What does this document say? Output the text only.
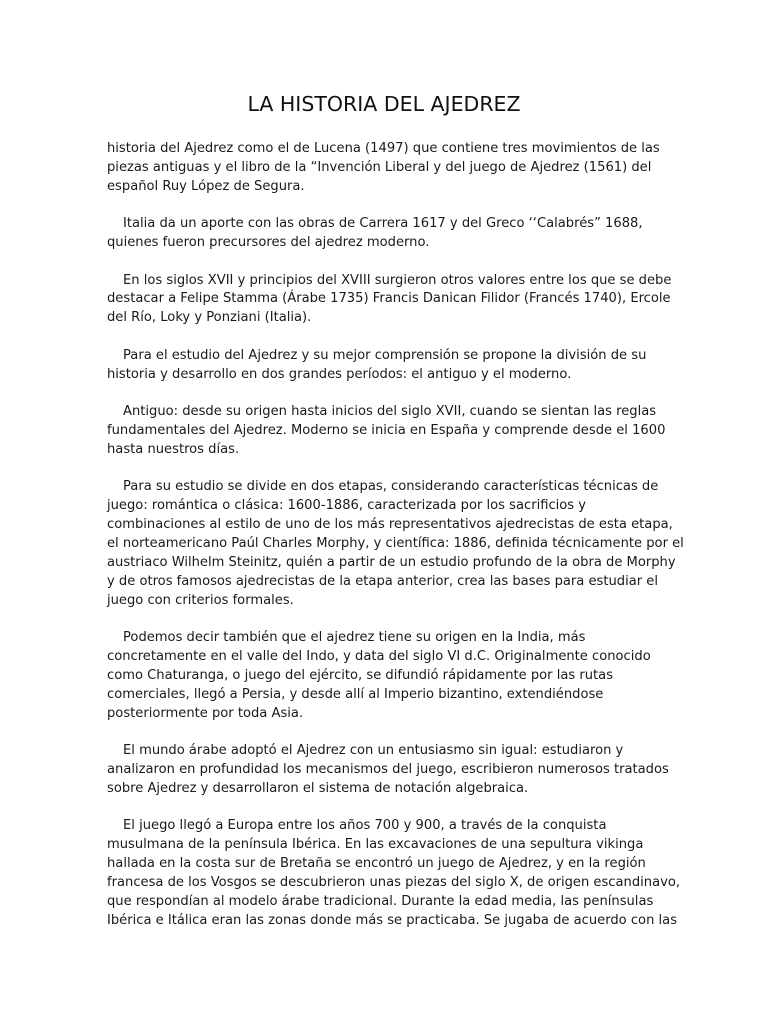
LA HISTORIA DEL AJEDREZ

historia del Ajedrez como el de Lucena (1497) que contiene tres movimientos de las
piezas antiguas y el libro de la “Invención Liberal y del juego de Ajedrez (1561) del
español Ruy López de Segura.

Italia da un aporte con las obras de Carrera 1617 y del Greco ‘‘Calabrés” 1688,
quienes fueron precursores del ajedrez moderno.

En los siglos XVII y principios del XVIII surgieron otros valores entre los que se debe
destacar a Felipe Stamma (Árabe 1735) Francis Danican Filidor (Francés 1740), Ercole
del Río, Loky y Ponziani (Italia).

Para el estudio del Ajedrez y su mejor comprensión se propone la división de su
historia y desarrollo en dos grandes períodos: el antiguo y el moderno.

Antiguo: desde su origen hasta inicios del siglo XVII, cuando se sientan las reglas
fundamentales del Ajedrez. Moderno se inicia en España y comprende desde el 1600
hasta nuestros días.

Para su estudio se divide en dos etapas, considerando características técnicas de
juego: romántica o clásica: 1600-1886, caracterizada por los sacrificios y
combinaciones al estilo de uno de los más representativos ajedrecistas de esta etapa,
el norteamericano Paúl Charles Morphy, y científica: 1886, definida técnicamente por el
austriaco Wilhelm Steinitz, quién a partir de un estudio profundo de la obra de Morphy
y de otros famosos ajedrecistas de la etapa anterior, crea las bases para estudiar el
juego con criterios formales.

Podemos decir también que el ajedrez tiene su origen en la India, más
concretamente en el valle del Indo, y data del siglo VI d.C. Originalmente conocido
como Chaturanga, o juego del ejército, se difundió rápidamente por las rutas
comerciales, llegó a Persia, y desde allí al Imperio bizantino, extendiéndose
posteriormente por toda Asia.

El mundo árabe adoptó el Ajedrez con un entusiasmo sin igual: estudiaron y
analizaron en profundidad los mecanismos del juego, escribieron numerosos tratados
sobre Ajedrez y desarrollaron el sistema de notación algebraica.

El juego llegó a Europa entre los años 700 y 900, a través de la conquista
musulmana de la península Ibérica. En las excavaciones de una sepultura vikinga
hallada en la costa sur de Bretaña se encontró un juego de Ajedrez, y en la región
francesa de los Vosgos se descubrieron unas piezas del siglo X, de origen escandinavo,
que respondían al modelo árabe tradicional. Durante la edad media, las penínsulas
Ibérica e Itálica eran las zonas donde más se practicaba. Se jugaba de acuerdo con las
